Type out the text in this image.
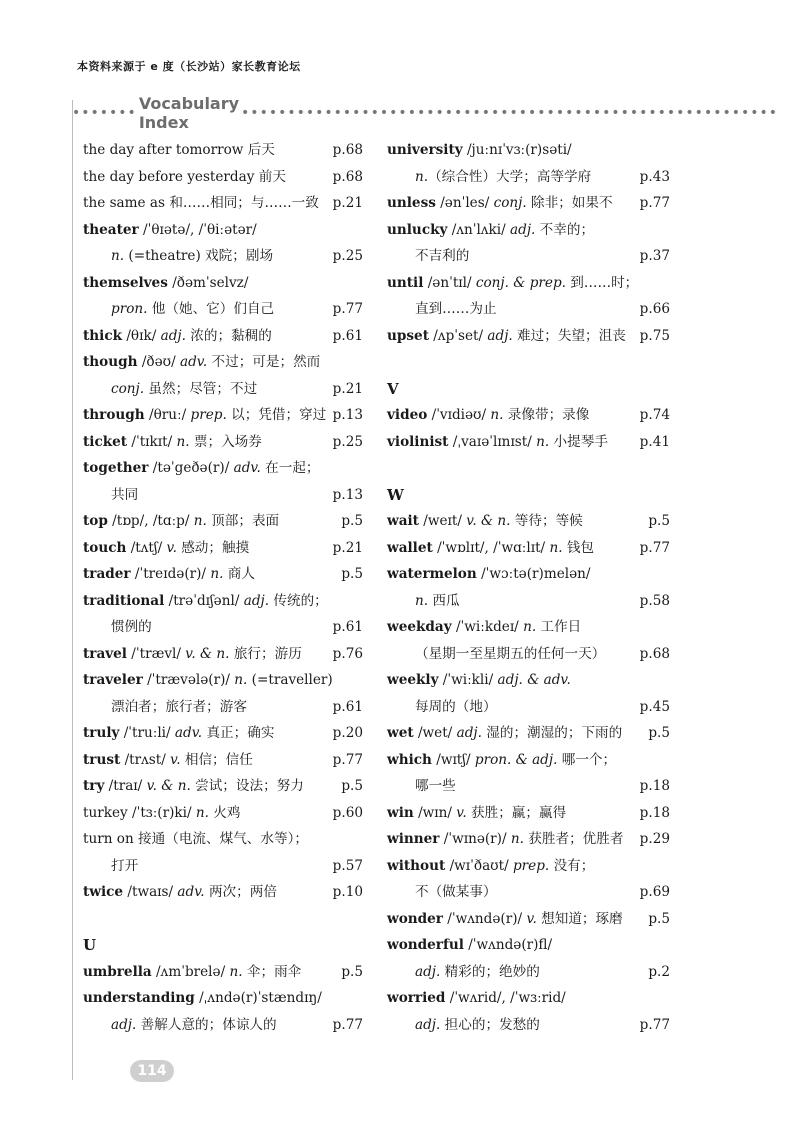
本资料来源于 e 度（长沙站）家长教育论坛
••••••• Vocabulary Index	••••••••••••••••••••••••••••••••••••••••••••••••••••••••••
the day after tomorrow 后天	p.68
the day before yesterday 前天	p.68
the same as 和……相同；与……一致 p.21
theater /ˈθɪətə/, /ˈθiːətər/
n. (=theatre) 戏院；剧场	p.25
themselves /ðəmˈselvz/
pron. 他（她、它）们自己	p.77
thick /θɪk/ adj. 浓的；黏稠的	p.61
though /ðəʊ/ adv. 不过；可是；然而
conj. 虽然；尽管；不过	p.21
through /θruː/ prep. 以；凭借；穿过 p.13
ticket /ˈtɪkɪt/ n. 票；入场券	p.25
together /təˈgeðə(r)/ adv. 在一起；
共同	p.13
top /tɒp/, /tɑːp/ n. 顶部；表面	p.5
touch /tʌtʃ/ v. 感动；触摸	p.21
trader /ˈtreɪdə(r)/ n. 商人	p.5
traditional /trəˈdɪʃənl/ adj. 传统的；
惯例的	p.61
travel /ˈtrævl/ v. & n. 旅行；游历 p.76
traveler /ˈtrævələ(r)/ n. (=traveller)
漂泊者；旅行者；游客	p.61
truly /ˈtruːli/ adv. 真正；确实	p.20
trust /trʌst/ v. 相信；信任	p.77
try /traɪ/ v. & n. 尝试；设法；努力	p.5
turkey /ˈtɜː(r)ki/ n. 火鸡	p.60
turn on 接通（电流、煤气、水等）；
打开	p.57
twice /twaɪs/ adv. 两次；两倍	p.10
U
umbrella /ʌmˈbrelə/ n. 伞；雨伞	p.5
understanding /ˌʌndə(r)ˈstændɪŋ/
adj. 善解人意的；体谅人的	p.77
university /juːnɪˈvɜː(r)səti/
n.（综合性）大学；高等学府	p.43
unless /ənˈles/ conj. 除非；如果不 p.77
unlucky /ʌnˈlʌki/ adj. 不幸的；
不吉利的	p.37
until /ənˈtɪl/ conj. & prep. 到……时；
直到……为止	p.66
upset /ʌpˈset/ adj. 难过；失望；沮丧 p.75
V
video /ˈvɪdiəʊ/ n. 录像带；录像	p.74
violinist /ˌvaɪəˈlɪnɪst/ n. 小提琴手 p.41
W
wait /weɪt/ v. & n. 等待；等候	p.5
wallet /ˈwɒlɪt/, /ˈwɑːlɪt/ n. 钱包	p.77
watermelon /ˈwɔːtə(r)melən/
n. 西瓜	p.58
weekday /ˈwiːkdeɪ/ n. 工作日
（星期一至星期五的任何一天）	p.68
weekly /ˈwiːkli/ adj. & adv.
每周的（地）	p.45
wet /wet/ adj. 湿的；潮湿的；下雨的 p.5
which /wɪtʃ/ pron. & adj. 哪一个；
哪一些	p.18
win /wɪn/ v. 获胜；赢；赢得	p.18
winner /ˈwɪnə(r)/ n. 获胜者；优胜者 p.29
without /wɪˈðaʊt/ prep. 没有；
不（做某事）	p.69
wonder /ˈwʌndə(r)/ v. 想知道；琢磨 p.5
wonderful /ˈwʌndə(r)fl/
adj. 精彩的；绝妙的	p.2
worried /ˈwʌrid/, /ˈwɜːrid/
adj. 担心的；发愁的	p.77
114
